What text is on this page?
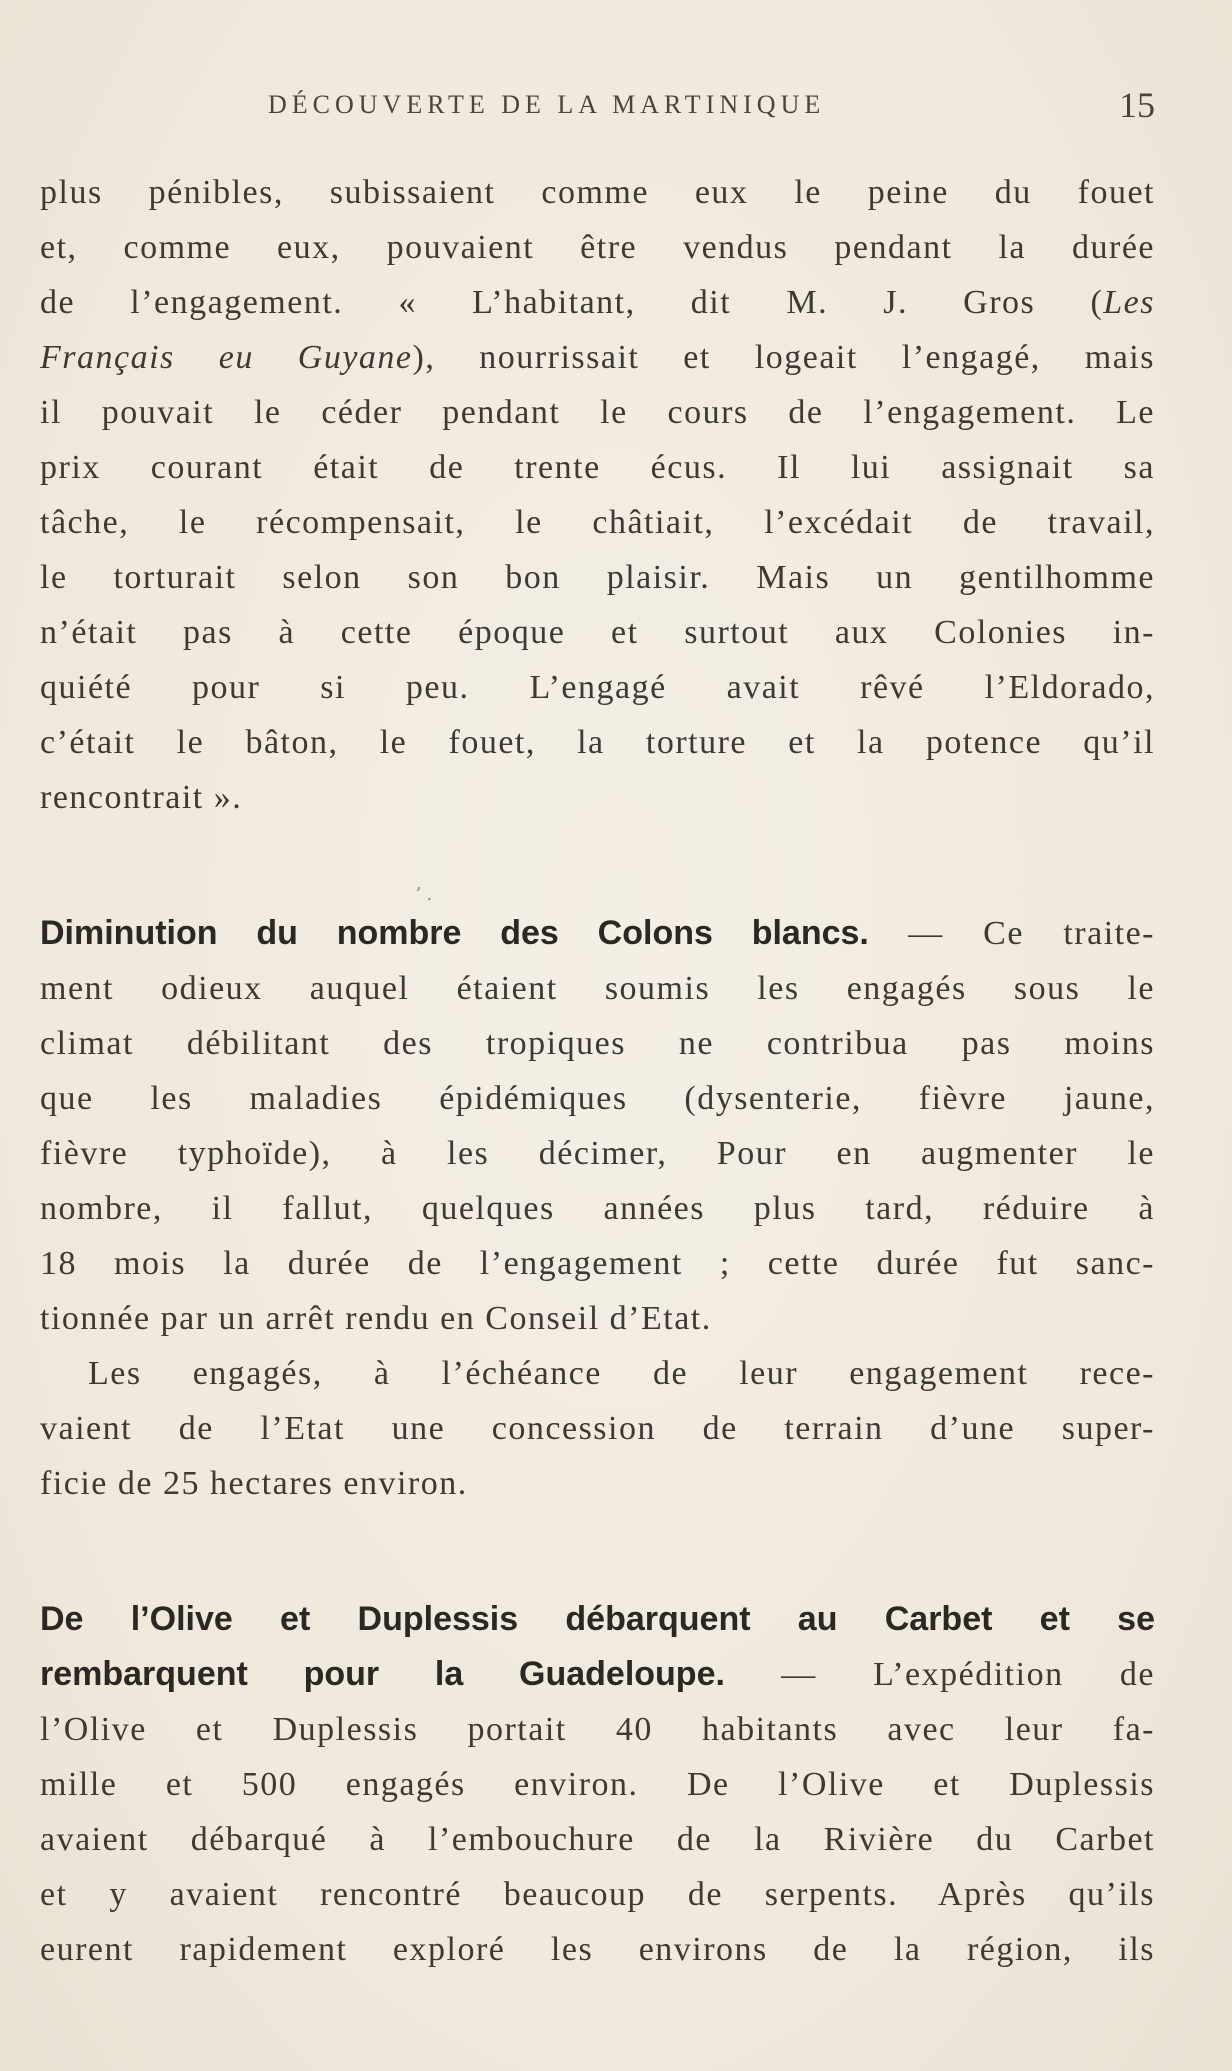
DÉCOUVERTE DE LA MARTINIQUE	15
plus pénibles, subissaient comme eux le peine du fouet
et, comme eux, pouvaient être vendus pendant la durée
de l’engagement. « L’habitant, dit M. J. Gros (Les
Français eu Guyane), nourrissait et logeait l’engagé, mais
il pouvait le céder pendant le cours de l’engagement. Le
prix courant était de trente écus. Il lui assignait sa
tâche, le récompensait, le châtiait, l’excédait de travail,
le torturait selon son bon plaisir. Mais un gentilhomme
n’était pas à cette époque et surtout aux Colonies in-
quiété pour si peu. L’engagé avait rêvé l’Eldorado,
c’était le bâton, le fouet, la torture et la potence qu’il
rencontrait ».
ʼ .
Diminution du nombre des Colons blancs. — Ce traite-
ment odieux auquel étaient soumis les engagés sous le
climat débilitant des tropiques ne contribua pas moins
que les maladies épidémiques (dysenterie, fièvre jaune,
fièvre typhoïde), à les décimer, Pour en augmenter le
nombre, il fallut, quelques années plus tard, réduire à
18 mois la durée de l’engagement ; cette durée fut sanc-
tionnée par un arrêt rendu en Conseil d’Etat.
Les engagés, à l’échéance de leur engagement rece-
vaient de l’Etat une concession de terrain d’une super-
ficie de 25 hectares environ.
De l’Olive et Duplessis débarquent au Carbet et se
rembarquent pour la Guadeloupe. — L’expédition de
l’Olive et Duplessis portait 40 habitants avec leur fa-
mille et 500 engagés environ. De l’Olive et Duplessis
avaient débarqué à l’embouchure de la Rivière du Carbet
et y avaient rencontré beaucoup de serpents. Après qu’ils
eurent rapidement exploré les environs de la région, ils
